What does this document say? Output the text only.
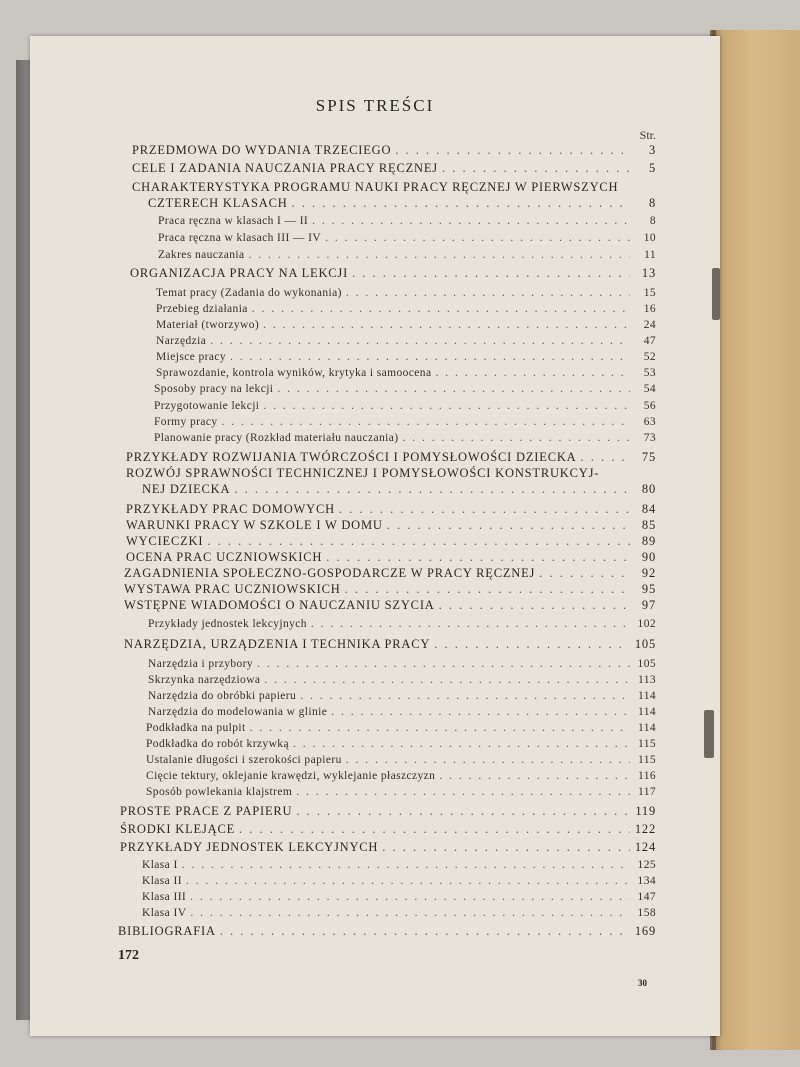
SPIS TREŚCI
Str.
PRZEDMOWA DO WYDANIA TRZECIEGO . . .	3
CELE I ZADANIA NAUCZANIA PRACY RĘCZNEJ . . .	5
CHARAKTERYSTYKA PROGRAMU NAUKI PRACY RĘCZNEJ W PIERWSZYCH
CZTERECH KLASACH . . .	8
Praca ręczna w klasach I — II . . .	8
Praca ręczna w klasach III — IV . . .	10
Zakres nauczania . . .	11
ORGANIZACJA PRACY NA LEKCJI . . .	13
Temat pracy (Zadania do wykonania) . . .	15
Przebieg działania . . .	16
Materiał (tworzywo) . . .	24
Narzędzia . . .	47
Miejsce pracy . . .	52
Sprawozdanie, kontrola wyników, krytyka i samoocena . . .	53
Sposoby pracy na lekcji . . .	54
Przygotowanie lekcji . . .	56
Formy pracy . . .	63
Planowanie pracy (Rozkład materiału nauczania) . . .	73
PRZYKŁADY ROZWIJANIA TWÓRCZOŚCI I POMYSŁOWOŚCI DZIECKA . . .	75
ROZWÓJ SPRAWNOŚCI TECHNICZNEJ I POMYSŁOWOŚCI KONSTRUKCYJ-
NEJ DZIECKA . . .	80
PRZYKŁADY PRAC DOMOWYCH . . .	84
WARUNKI PRACY W SZKOLE I W DOMU . . .	85
WYCIECZKI . . .	89
OCENA PRAC UCZNIOWSKICH . . .	90
ZAGADNIENIA SPOŁECZNO-GOSPODARCZE W PRACY RĘCZNEJ . . .	92
WYSTAWA PRAC UCZNIOWSKICH . . .	95
WSTĘPNE WIADOMOŚCI O NAUCZANIU SZYCIA . . .	97
Przykłady jednostek lekcyjnych . . .	102
NARZĘDZIA, URZĄDZENIA I TECHNIKA PRACY . . .	105
Narzędzia i przybory . . .	105
Skrzynka narzędziowa . . .	113
Narzędzia do obróbki papieru . . .	114
Narzędzia do modelowania w glinie . . .	114
Podkładka na pulpit . . .	114
Podkładka do robót krzywką . . .	115
Ustalanie długości i szerokości papieru . . .	115
Cięcie tektury, oklejanie krawędzi, wyklejanie płaszczyzn . . .	116
Sposób powlekania klajstrem . . .	117
PROSTE PRACE Z PAPIERU . . .	119
ŚRODKI KLEJĄCE . . .	122
PRZYKŁADY JEDNOSTEK LEKCYJNYCH . . .	124
Klasa I . . .	125
Klasa II . . .	134
Klasa III . . .	147
Klasa IV . . .	158
BIBLIOGRAFIA . . .	169
172
30
